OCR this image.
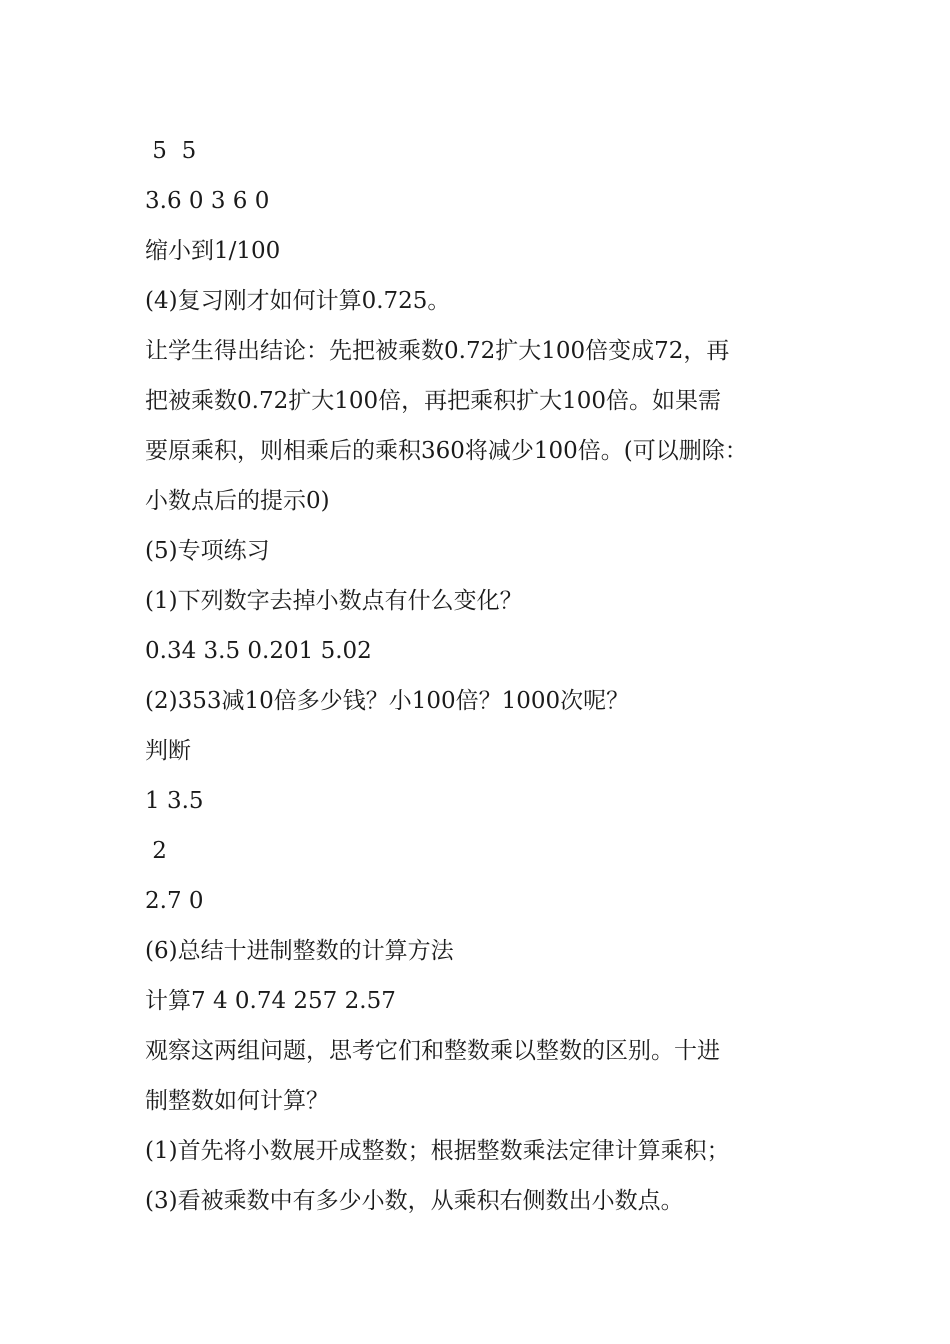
5  5
3.6 0 3 6 0
缩小到1/100
(4)复习刚才如何计算0.725。
让学生得出结论：先把被乘数0.72扩大100倍变成72，再
把被乘数0.72扩大100倍，再把乘积扩大100倍。如果需
要原乘积，则相乘后的乘积360将减少100倍。(可以删除：
小数点后的提示0)
(5)专项练习
(1)下列数字去掉小数点有什么变化？
0.34 3.5 0.201 5.02
(2)353减10倍多少钱？小100倍？1000次呢？
判断
1 3.5
2
2.7 0
(6)总结十进制整数的计算方法
计算7 4 0.74 257 2.57
观察这两组问题，思考它们和整数乘以整数的区别。十进
制整数如何计算？
(1)首先将小数展开成整数；根据整数乘法定律计算乘积；
(3)看被乘数中有多少小数，从乘积右侧数出小数点。
